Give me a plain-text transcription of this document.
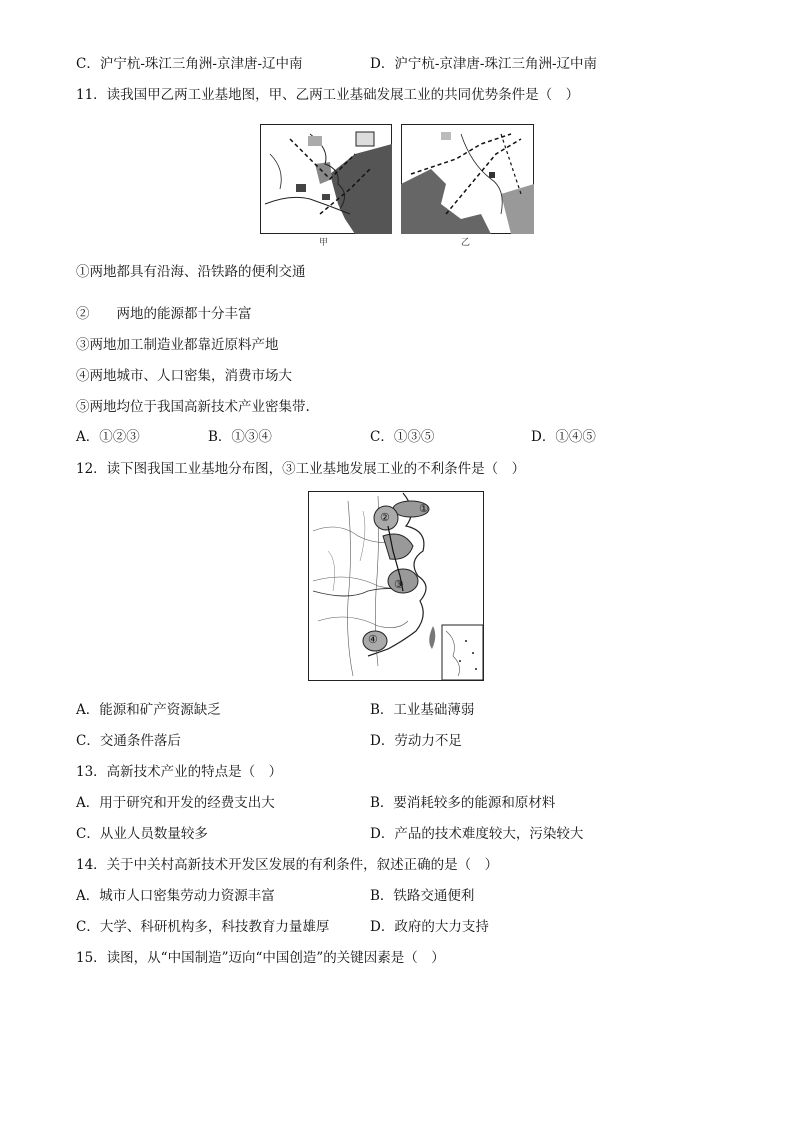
C．沪宁杭-珠江三角洲-京津唐-辽中南	D．沪宁杭-京津唐-珠江三角洲-辽中南
11．读我国甲乙两工业基地图，甲、乙两工业基础发展工业的共同优势条件是（　）
甲	乙
①两地都具有沿海、沿铁路的便利交通
②　　两地的能源都十分丰富
③两地加工制造业都靠近原料产地
④两地城市、人口密集，消费市场大
⑤两地均位于我国高新技术产业密集带.
A．①②③	B．①③④	C．①③⑤	D．①④⑤
12．读下图我国工业基地分布图，③工业基地发展工业的不利条件是（　）
①
②
③
④
A．能源和矿产资源缺乏	B．工业基础薄弱
C．交通条件落后	D．劳动力不足
13．高新技术产业的特点是（　）
A．用于研究和开发的经费支出大	B．要消耗较多的能源和原材料
C．从业人员数量较多	D．产品的技术难度较大，污染较大
14．关于中关村高新技术开发区发展的有利条件，叙述正确的是（　）
A．城市人口密集劳动力资源丰富	B．铁路交通便利
C．大学、科研机构多，科技教育力量雄厚	D．政府的大力支持
15．读图，从“中国制造”迈向“中国创造”的关键因素是（　）
